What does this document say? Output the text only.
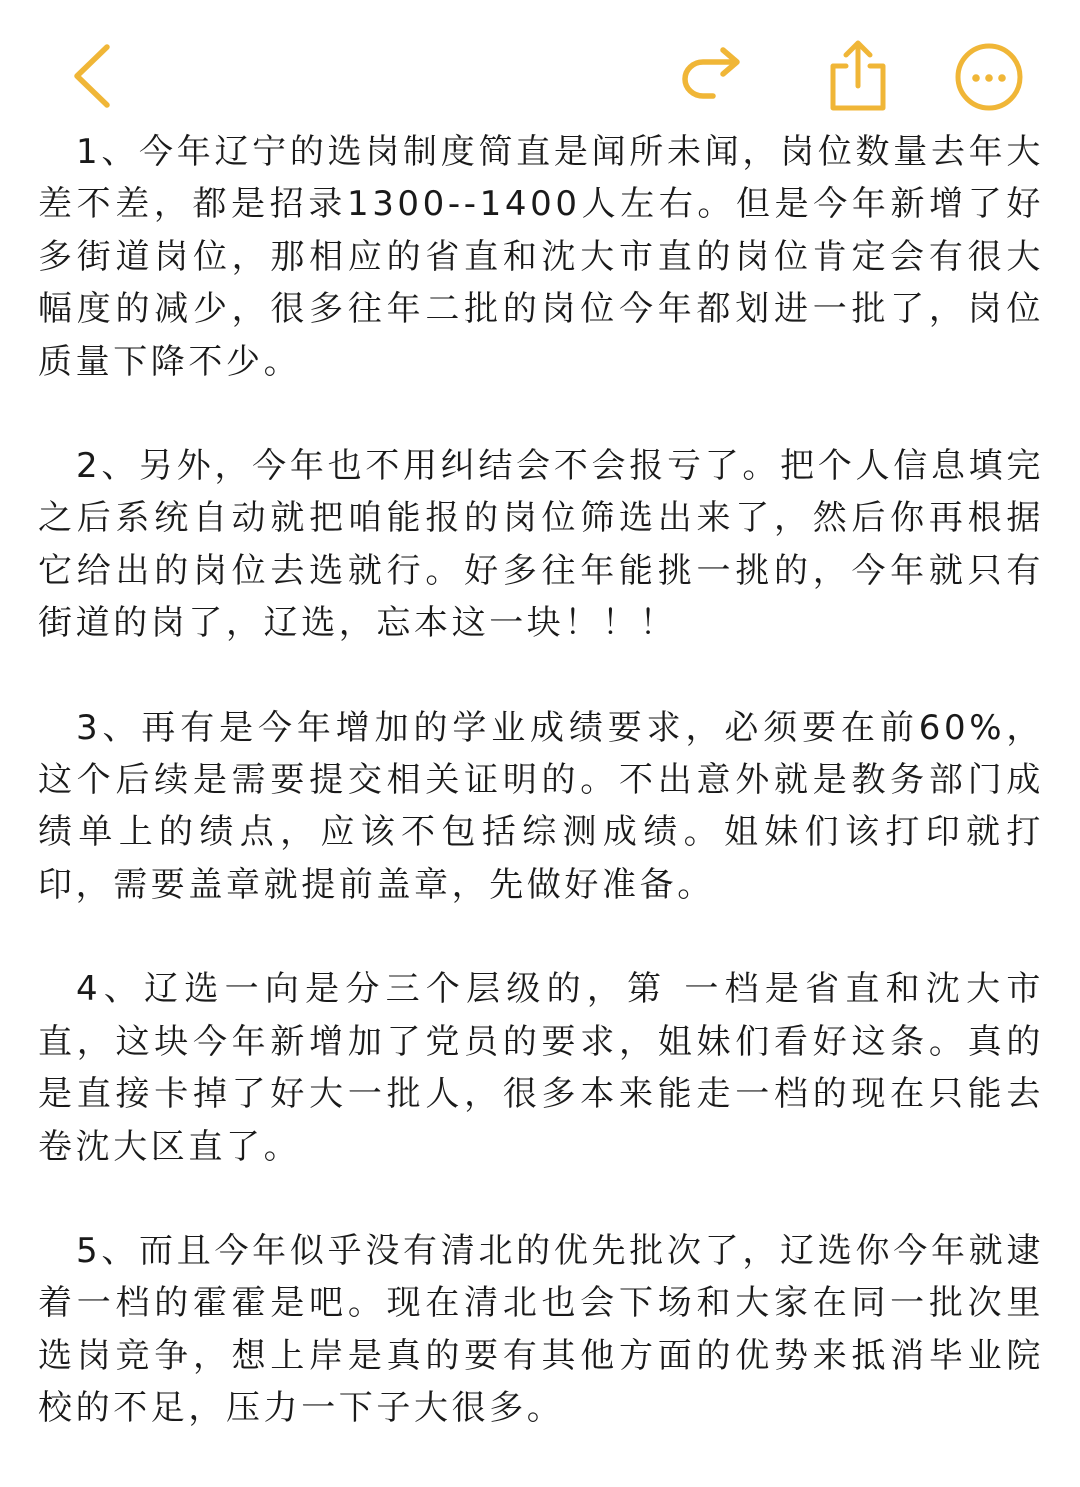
1、今年辽宁的选岗制度简直是闻所未闻，岗位数量去年大差不差，都是招录1300--1400人左右。但是今年新增了好多街道岗位，那相应的省直和沈大市直的岗位肯定会有很大幅度的减少，很多往年二批的岗位今年都划进一批了，岗位质量下降不少。

2、另外，今年也不用纠结会不会报亏了。把个人信息填完之后系统自动就把咱能报的岗位筛选出来了，然后你再根据它给出的岗位去选就行。好多往年能挑一挑的，今年就只有街道的岗了，辽选，忘本这一块！！！

3、再有是今年增加的学业成绩要求，必须要在前60%，这个后续是需要提交相关证明的。不出意外就是教务部门成绩单上的绩点，应该不包括综测成绩。姐妹们该打印就打印，需要盖章就提前盖章，先做好准备。

4、辽选一向是分三个层级的，第 一档是省直和沈大市直，这块今年新增加了党员的要求，姐妹们看好这条。真的是直接卡掉了好大一批人，很多本来能走一档的现在只能去卷沈大区直了。

5、而且今年似乎没有清北的优先批次了，辽选你今年就逮着一档的霍霍是吧。现在清北也会下场和大家在同一批次里选岗竞争，想上岸是真的要有其他方面的优势来抵消毕业院校的不足，压力一下子大很多。
